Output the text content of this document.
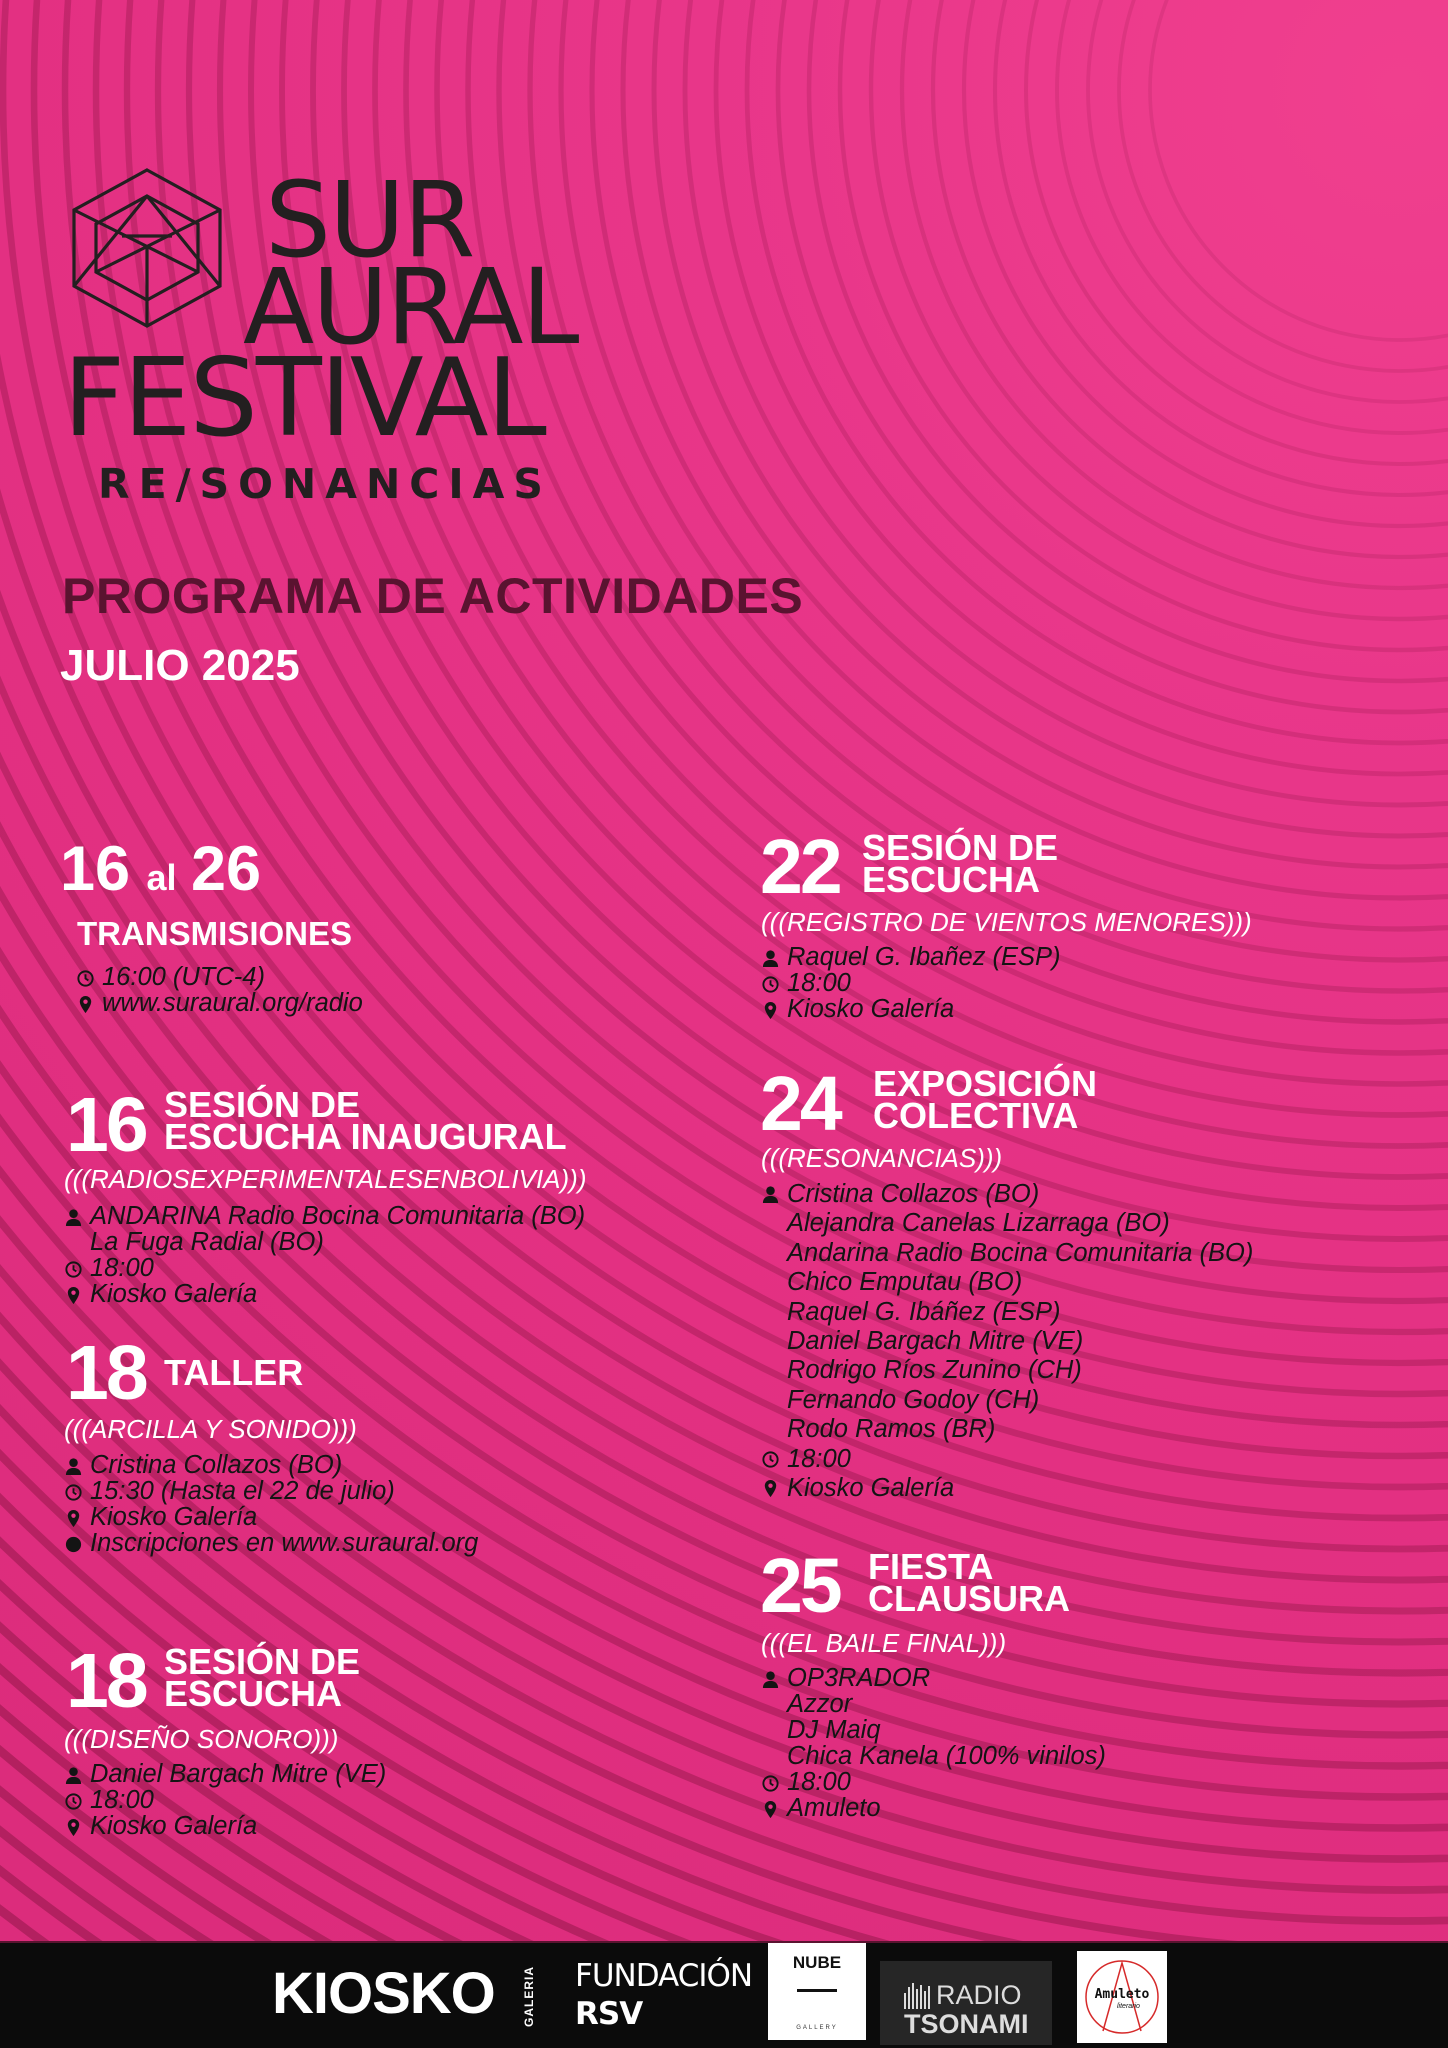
SUR
AURAL
FESTIVAL
RE/SONANCIAS
PROGRAMA DE ACTIVIDADES
JULIO 2025
16 al 26
TRANSMISIONES
16:00 (UTC-4)
www.suraural.org/radio
16 SESIÓN DE
ESCUCHA INAUGURAL
(((RADIOSEXPERIMENTALESENBOLIVIA)))
ANDARINA Radio Bocina Comunitaria (BO)
La Fuga Radial (BO)
18:00
Kiosko Galería
18 TALLER
(((ARCILLA Y SONIDO)))
Cristina Collazos (BO)
15:30 (Hasta el 22 de julio)
Kiosko Galería
Inscripciones en www.suraural.org
18 SESIÓN DE
ESCUCHA
(((DISEÑO SONORO)))
Daniel Bargach Mitre (VE)
18:00
Kiosko Galería
22 SESIÓN DE
ESCUCHA
(((REGISTRO DE VIENTOS MENORES)))
Raquel G. Ibañez (ESP)
18:00
Kiosko Galería
24 EXPOSICIÓN
COLECTIVA
(((RESONANCIAS)))
Cristina Collazos (BO)
Alejandra Canelas Lizarraga (BO)
Andarina Radio Bocina Comunitaria (BO)
Chico Emputau (BO)
Raquel G. Ibáñez (ESP)
Daniel Bargach Mitre (VE)
Rodrigo Ríos Zunino (CH)
Fernando Godoy (CH)
Rodo Ramos (BR)
18:00
Kiosko Galería
25 FIESTA
CLAUSURA
(((EL BAILE FINAL)))
OP3RADOR
Azzor
DJ Maiq
Chica Kanela (100% vinilos)
18:00
Amuleto
KIOSKO GALERIA FUNDACIÓN
RSV
NUBE
GALLERY
RADIO
TSONAMI
Amuleto
literario
